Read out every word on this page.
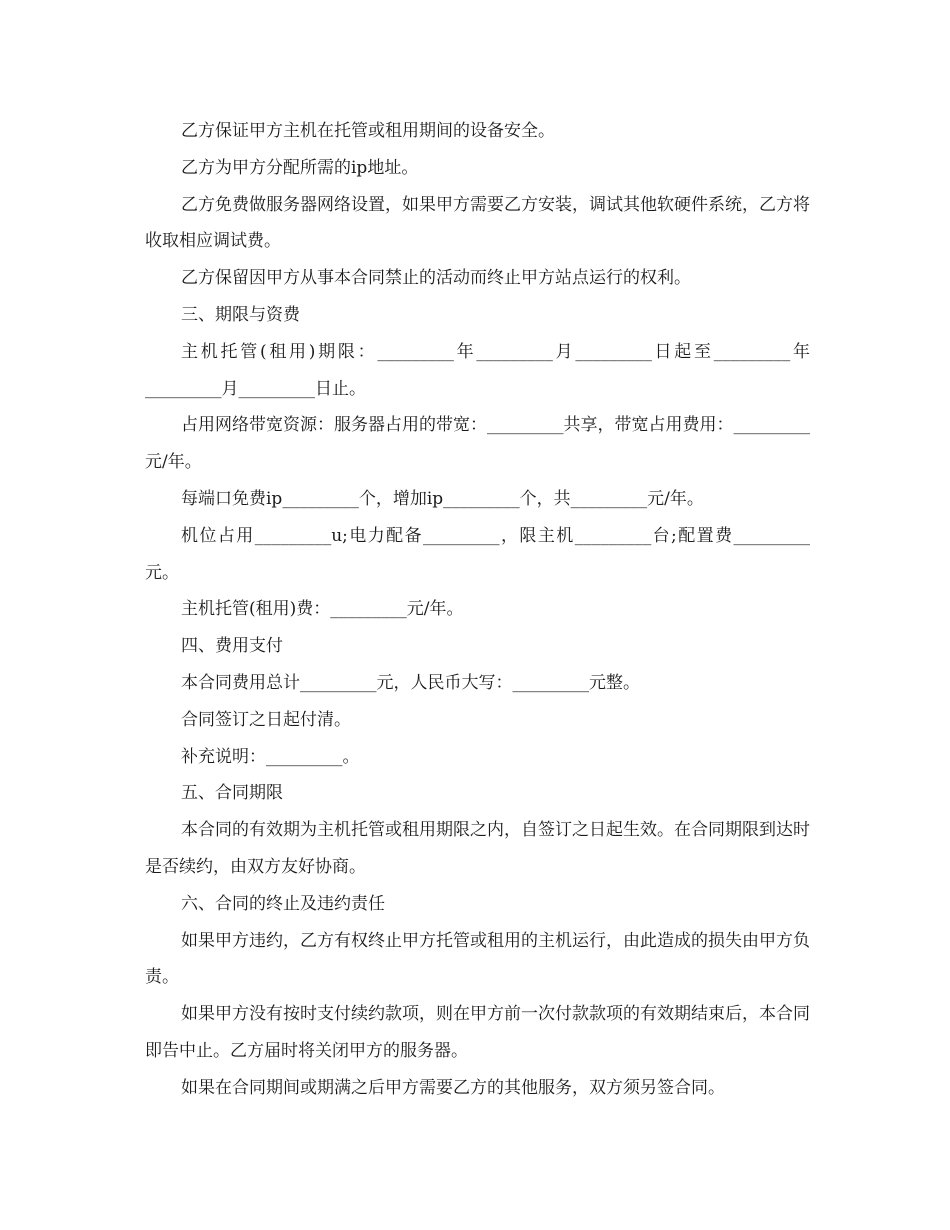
乙方保证甲方主机在托管或租用期间的设备安全。

乙方为甲方分配所需的ip地址。

乙方免费做服务器网络设置，如果甲方需要乙方安装，调试其他软硬件系统，乙方将收取相应调试费。

乙方保留因甲方从事本合同禁止的活动而终止甲方站点运行的权利。

三、期限与资费

主机托管(租用)期限：_________年_________月_________日起至_________年_________月_________日止。

占用网络带宽资源：服务器占用的带宽：_________共享，带宽占用费用：_________元/年。

每端口免费ip_________个，增加ip_________个，共_________元/年。

机位占用_________u;电力配备_________，限主机_________台;配置费_________元。

主机托管(租用)费：_________元/年。

四、费用支付

本合同费用总计_________元，人民币大写：_________元整。

合同签订之日起付清。

补充说明：_________。

五、合同期限

本合同的有效期为主机托管或租用期限之内，自签订之日起生效。在合同期限到达时是否续约，由双方友好协商。

六、合同的终止及违约责任

如果甲方违约，乙方有权终止甲方托管或租用的主机运行，由此造成的损失由甲方负责。

如果甲方没有按时支付续约款项，则在甲方前一次付款款项的有效期结束后，本合同即告中止。乙方届时将关闭甲方的服务器。

如果在合同期间或期满之后甲方需要乙方的其他服务，双方须另签合同。
